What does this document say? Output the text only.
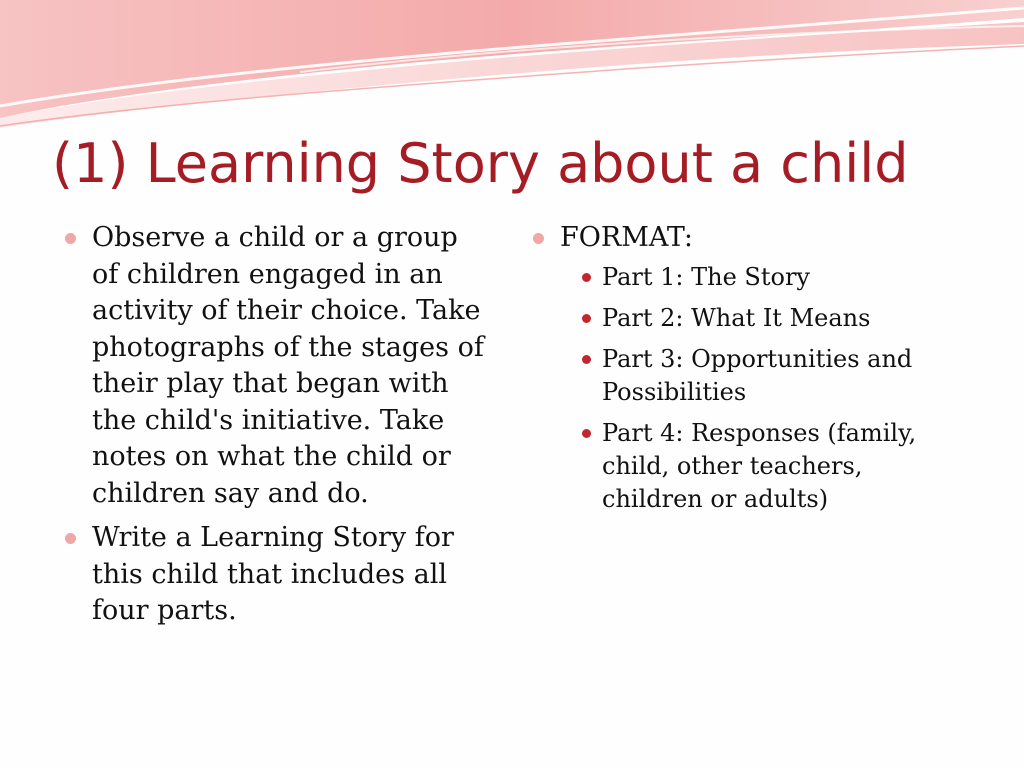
(1) Learning Story about a child
Observe a child or a group of children engaged in an activity of their choice. Take photographs of the stages of their play that began with the child's initiative. Take notes on what the child or children say and do.
Write a Learning Story for this child that includes all four parts.
FORMAT:
Part 1: The Story
Part 2: What It Means
Part 3: Opportunities and Possibilities
Part 4: Responses (family, child, other teachers, children or adults)
